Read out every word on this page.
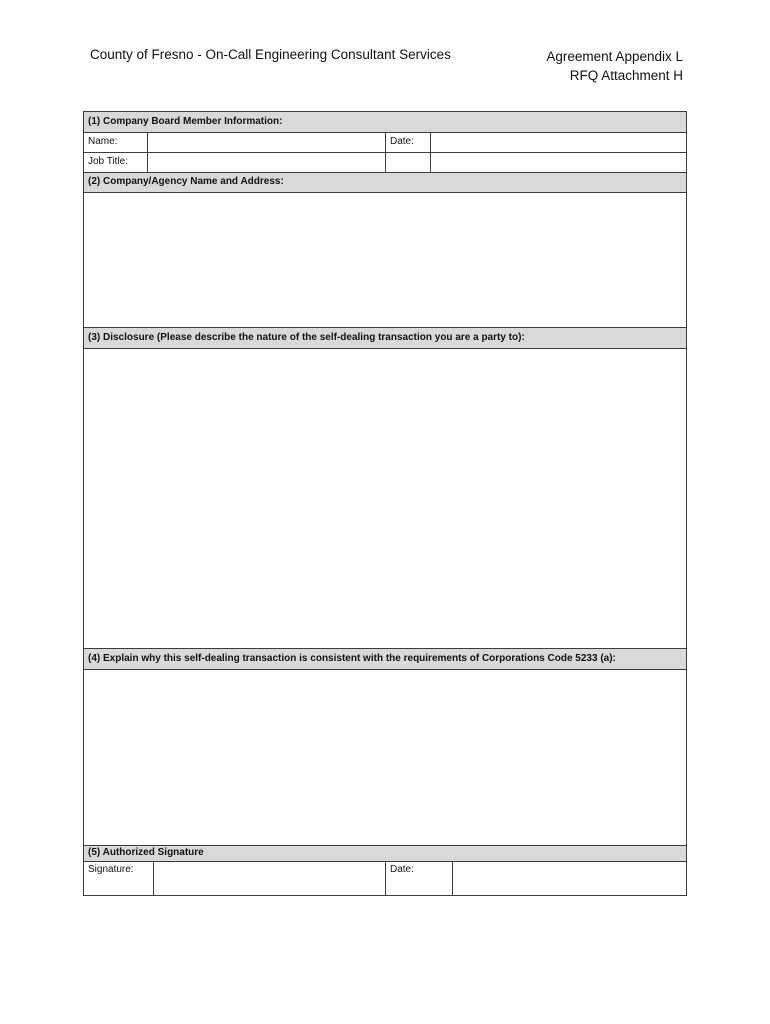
County of Fresno - On-Call Engineering Consultant Services	Agreement Appendix L
RFQ Attachment H
(1) Company Board Member Information:
Name:	Date:
Job Title:
(2) Company/Agency Name and Address:
(3) Disclosure (Please describe the nature of the self-dealing transaction you are a party to):
(4) Explain why this self-dealing transaction is consistent with the requirements of Corporations Code 5233 (a):
(5) Authorized Signature
Signature:	Date:
